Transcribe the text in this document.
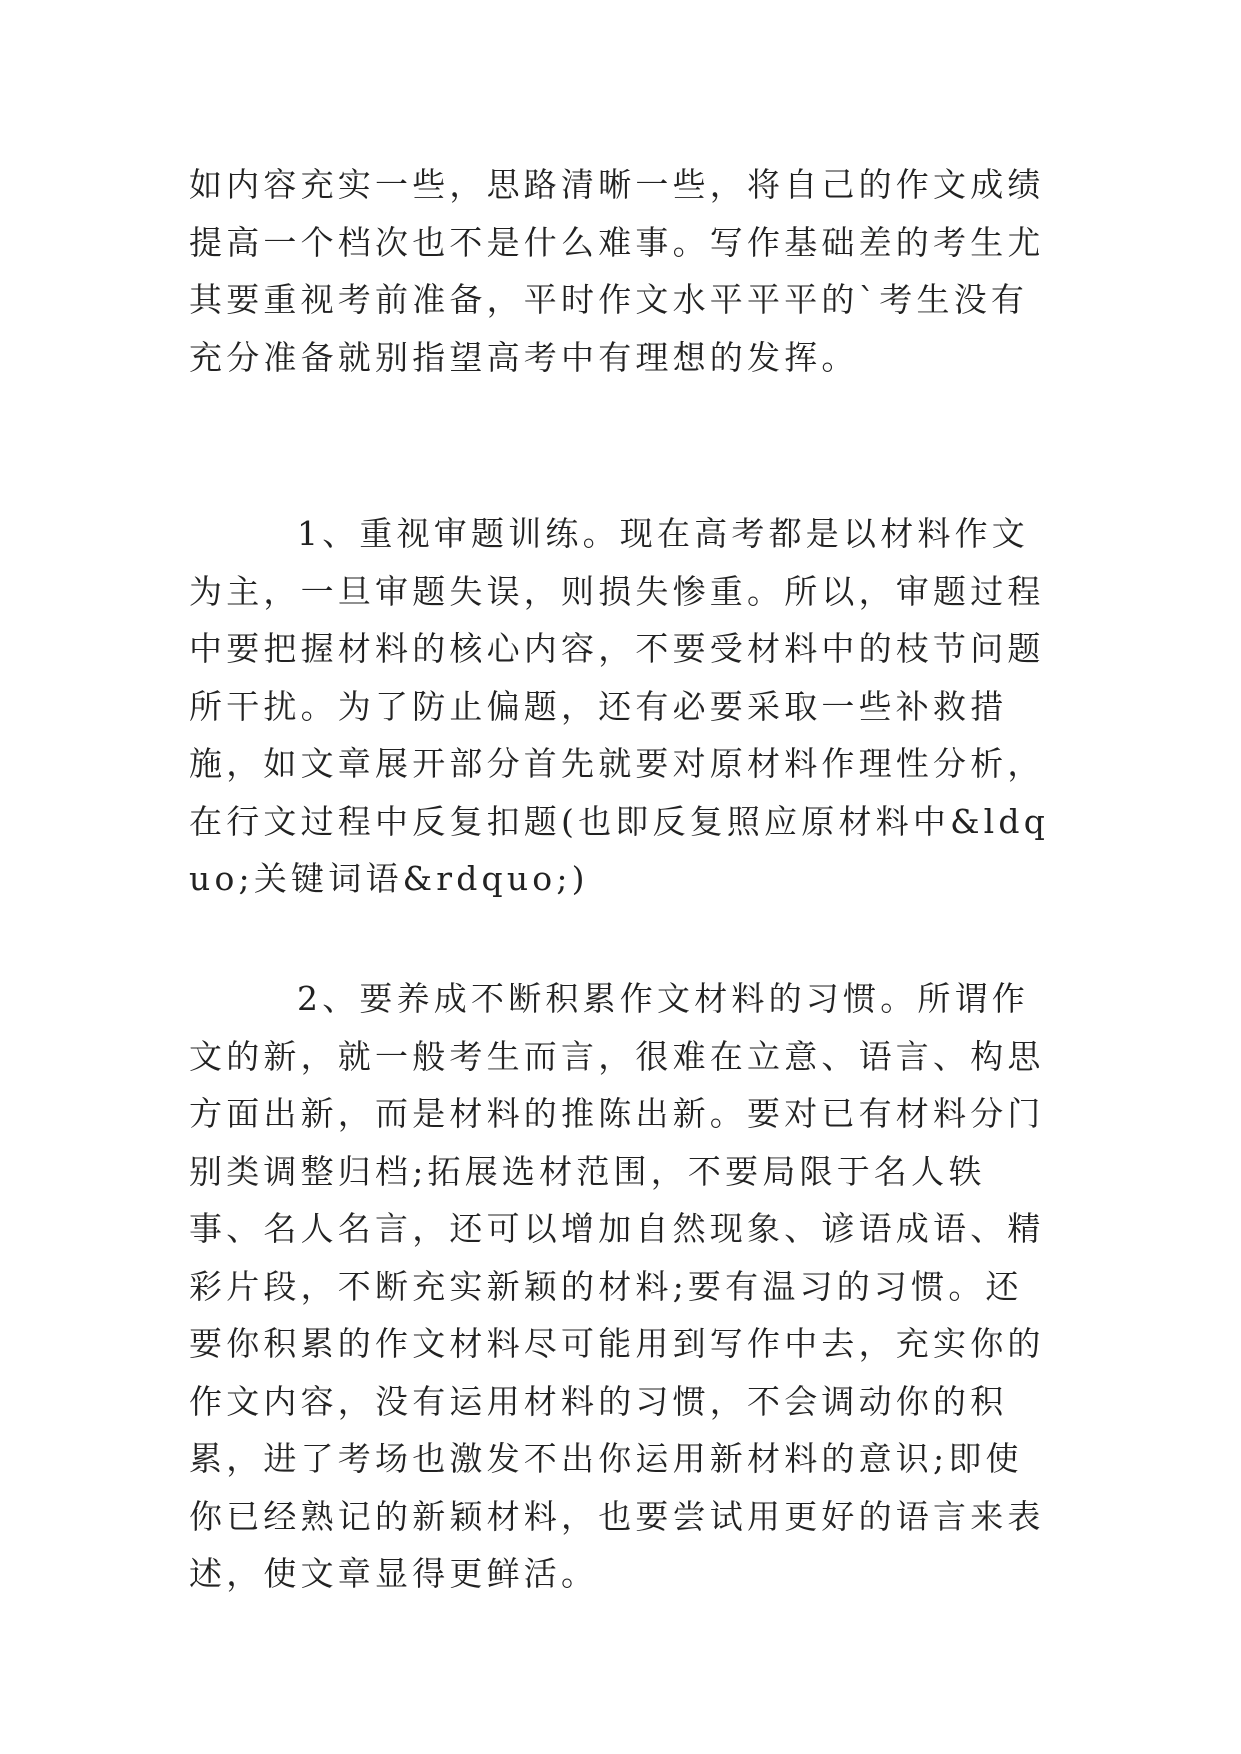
如内容充实一些，思路清晰一些，将自己的作文成绩提高一个档次也不是什么难事。写作基础差的考生尤其要重视考前准备，平时作文水平平平的`考生没有充分准备就别指望高考中有理想的发挥。

1、重视审题训练。现在高考都是以材料作文为主，一旦审题失误，则损失惨重。所以，审题过程中要把握材料的核心内容，不要受材料中的枝节问题所干扰。为了防止偏题，还有必要采取一些补救措施，如文章展开部分首先就要对原材料作理性分析，在行文过程中反复扣题(也即反复照应原材料中&ldquo;关键词语&rdquo;)

2、要养成不断积累作文材料的习惯。所谓作文的新，就一般考生而言，很难在立意、语言、构思方面出新，而是材料的推陈出新。要对已有材料分门别类调整归档;拓展选材范围，不要局限于名人轶事、名人名言，还可以增加自然现象、谚语成语、精彩片段，不断充实新颖的材料;要有温习的习惯。还要你积累的作文材料尽可能用到写作中去，充实你的作文内容，没有运用材料的习惯，不会调动你的积累，进了考场也激发不出你运用新材料的意识;即使你已经熟记的新颖材料，也要尝试用更好的语言来表述，使文章显得更鲜活。
